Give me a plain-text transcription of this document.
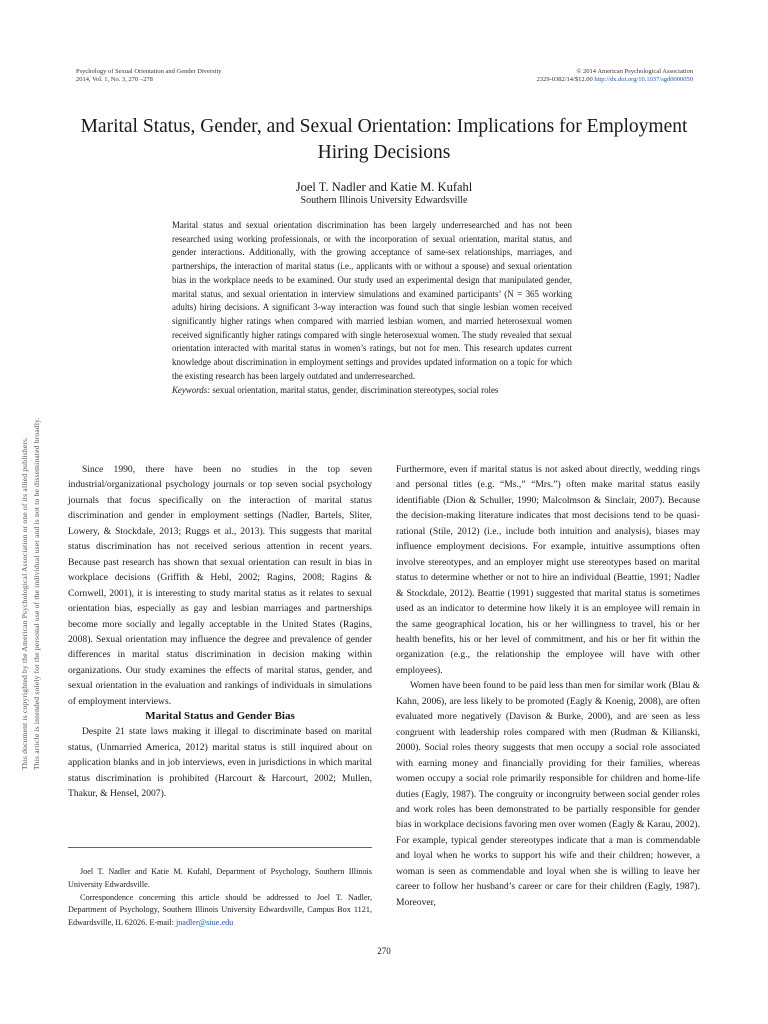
Psychology of Sexual Orientation and Gender Diversity
2014, Vol. 1, No. 3, 270 –278
© 2014 American Psychological Association
2329-0382/14/$12.00 http://dx.doi.org/10.1037/sgd0000050
This document is copyrighted by the American Psychological Association or one of its allied publishers. This article is intended solely for the personal use of the individual user and is not to be disseminated broadly.
Marital Status, Gender, and Sexual Orientation: Implications for Employment Hiring Decisions
Joel T. Nadler and Katie M. Kufahl
Southern Illinois University Edwardsville

Marital status and sexual orientation discrimination has been largely underresearched and has not been researched using working professionals, or with the incorporation of sexual orientation, marital status, and gender interactions. Additionally, with the growing acceptance of same-sex relationships, marriages, and partnerships, the interaction of marital status (i.e., applicants with or without a spouse) and sexual orientation bias in the workplace needs to be examined. Our study used an experimental design that manipulated gender, marital status, and sexual orientation in interview simulations and examined participants’ (N = 365 working adults) hiring decisions. A significant 3-way interaction was found such that single lesbian women received significantly higher ratings when compared with married lesbian women, and married heterosexual women received significantly higher ratings compared with single heterosexual women. The study revealed that sexual orientation interacted with marital status in women’s ratings, but not for men. This research updates current knowledge about discrimination in employment settings and provides updated information on a topic for which the existing research has been largely outdated and underresearched.

Keywords: sexual orientation, marital status, gender, discrimination stereotypes, social roles

Since 1990, there have been no studies in the top seven industrial/organizational psychology journals or top seven social psychology journals that focus specifically on the interaction of marital status discrimination and gender in employment settings (Nadler, Bartels, Sliter, Lowery, & Stockdale, 2013; Ruggs et al., 2013). This suggests that marital status discrimination has not received serious attention in recent years. Because past research has shown that sexual orientation can result in bias in workplace decisions (Griffith & Hebl, 2002; Ragins, 2008; Ragins & Cornwell, 2001), it is interesting to study marital status as it relates to sexual orientation bias, especially as gay and lesbian marriages and partnerships become more socially and legally acceptable in the United States (Ragins, 2008). Sexual orientation may influence the degree and prevalence of gender differences in marital status discrimination in decision making within organizations. Our study examines the effects of marital status, gender, and sexual orientation in the evaluation and rankings of individuals in simulations of employment interviews.

Marital Status and Gender Bias

Despite 21 state laws making it illegal to discriminate based on marital status, (Unmarried America, 2012) marital status is still inquired about on application blanks and in job interviews, even in jurisdictions in which marital status discrimination is prohibited (Harcourt & Harcourt, 2002; Mullen, Thakur, & Hensel, 2007).

Furthermore, even if marital status is not asked about directly, wedding rings and personal titles (e.g. “Ms.,” “Mrs.”) often make marital status easily identifiable (Dion & Schuller, 1990; Malcolmson & Sinclair, 2007). Because the decision-making literature indicates that most decisions tend to be quasi-rational (Stile, 2012) (i.e., include both intuition and analysis), biases may influence employment decisions. For example, intuitive assumptions often involve stereotypes, and an employer might use stereotypes based on marital status to determine whether or not to hire an individual (Beattie, 1991; Nadler & Stockdale, 2012). Beattie (1991) suggested that marital status is sometimes used as an indicator to determine how likely it is an employee will remain in the same geographical location, his or her willingness to travel, his or her health benefits, his or her level of commitment, and his or her fit within the organization (e.g., the relationship the employee will have with other employees).

Women have been found to be paid less than men for similar work (Blau & Kahn, 2006), are less likely to be promoted (Eagly & Koenig, 2008), are often evaluated more negatively (Davison & Burke, 2000), and are seen as less congruent with leadership roles compared with men (Rudman & Kilianski, 2000). Social roles theory suggests that men occupy a social role associated with earning money and financially providing for their families, whereas women occupy a social role primarily responsible for children and home-life duties (Eagly, 1987). The congruity or incongruity between social gender roles and work roles has been demonstrated to be partially responsible for gender bias in workplace decisions favoring men over women (Eagly & Karau, 2002). For example, typical gender stereotypes indicate that a man is commendable and loyal when he works to support his wife and their children; however, a woman is seen as commendable and loyal when she is willing to leave her career to follow her husband’s career or care for their children (Eagly, 1987). Moreover,

Joel T. Nadler and Katie M. Kufahl, Department of Psychology, Southern Illinois University Edwardsville.

Correspondence concerning this article should be addressed to Joel T. Nadler, Department of Psychology, Southern Illinois University Edwardsville, Campus Box 1121, Edwardsville, IL 62026. E-mail: jnadler@siue.edu

270
